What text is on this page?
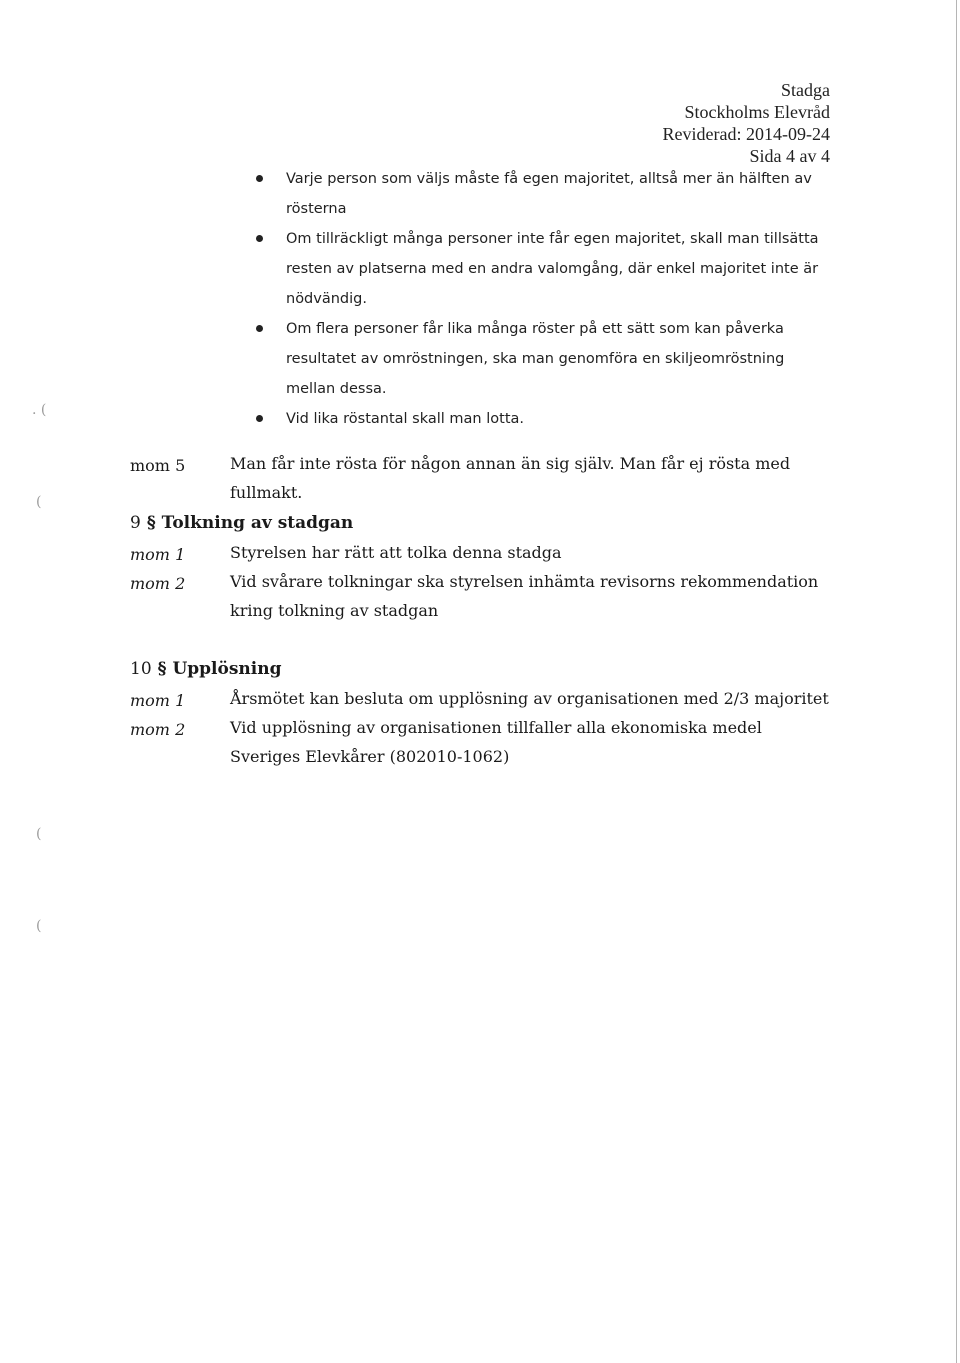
Stadga
Stockholms Elevråd
Reviderad: 2014-09-24
Sida 4 av 4
Varje person som väljs måste få egen majoritet, alltså mer än hälften av rösterna
Om tillräckligt många personer inte får egen majoritet, skall man tillsätta resten av platserna med en andra valomgång, där enkel majoritet inte är nödvändig.
Om flera personer får lika många röster på ett sätt som kan påverka resultatet av omröstningen, ska man genomföra en skiljeomröstning mellan dessa.
Vid lika röstantal skall man lotta.
mom 5	Man får inte rösta för någon annan än sig själv. Man får ej rösta med fullmakt.
9 § Tolkning av stadgan
mom 1	Styrelsen har rätt att tolka denna stadga
mom 2	Vid svårare tolkningar ska styrelsen inhämta revisorns rekommendation kring tolkning av stadgan
10 § Upplösning
mom 1	Årsmötet kan besluta om upplösning av organisationen med 2/3 majoritet
mom 2	Vid upplösning av organisationen tillfaller alla ekonomiska medel Sveriges Elevkårer (802010-1062)
. (
(
(
(
